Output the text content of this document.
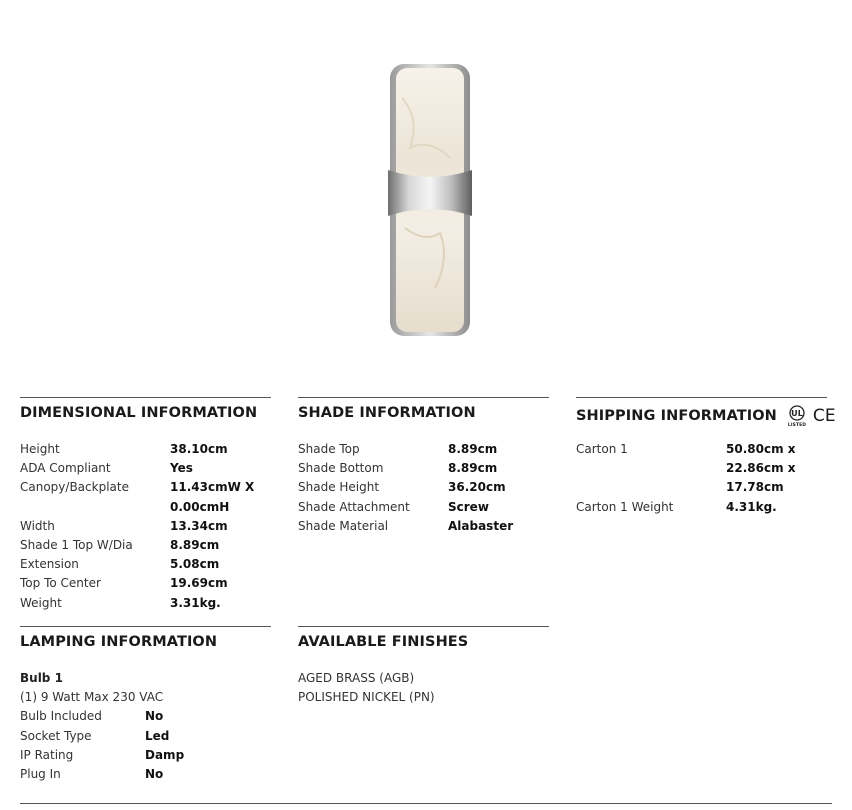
DIMENSIONAL INFORMATION
Height	38.10cm
ADA Compliant	Yes
Canopy/Backplate	11.43cmW X 0.00cmH
Width	13.34cm
Shade 1 Top W/Dia	8.89cm
Extension	5.08cm
Top To Center	19.69cm
Weight	3.31kg.
SHADE INFORMATION
Shade Top	8.89cm
Shade Bottom	8.89cm
Shade Height	36.20cm
Shade Attachment	Screw
Shade Material	Alabaster
SHIPPING INFORMATION UL
LISTED CE
Carton 1	50.80cm x 22.86cm x 17.78cm
Carton 1 Weight	4.31kg.
LAMPING INFORMATION
Bulb 1
(1) 9 Watt Max 230 VAC
Bulb Included	No
Socket Type	Led
IP Rating	Damp
Plug In	No
AVAILABLE FINISHES
AGED BRASS (AGB)
POLISHED NICKEL (PN)
